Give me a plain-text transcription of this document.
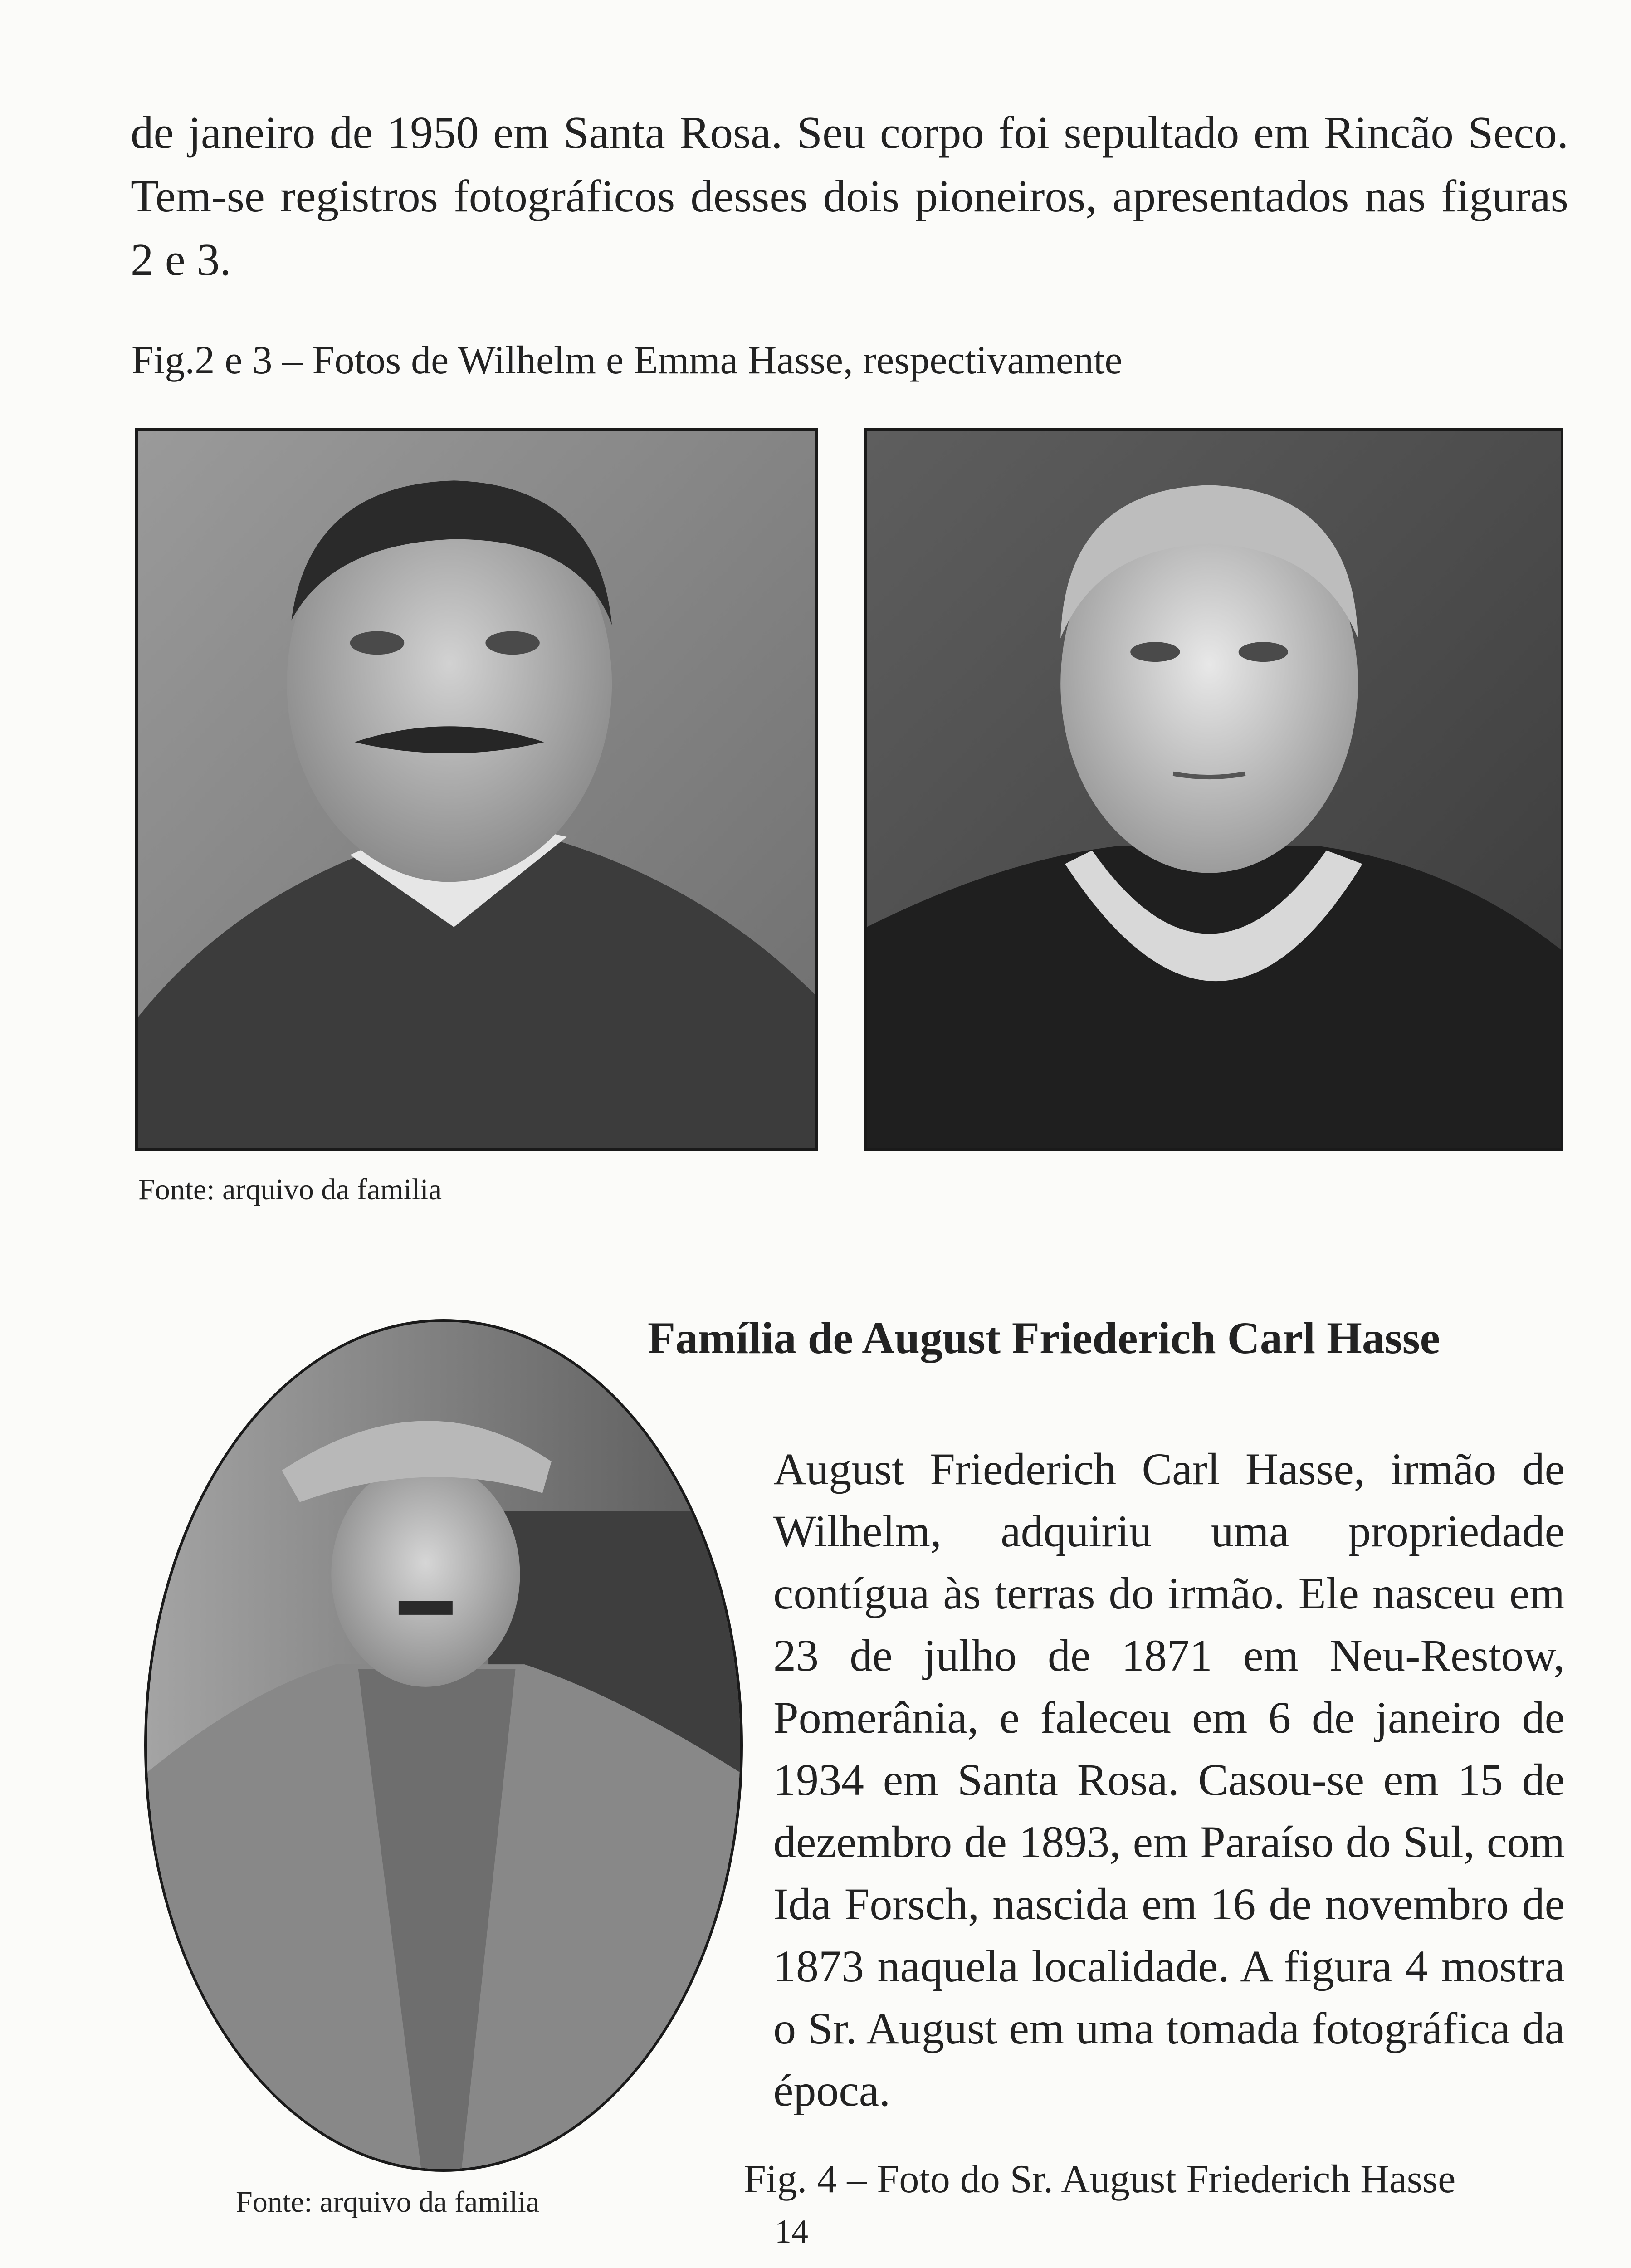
de janeiro de 1950 em Santa Rosa. Seu corpo foi sepultado em Rincão Seco. Tem-se registros fotográficos desses dois pioneiros, apresentados nas figuras 2 e 3.

Fig.2 e 3 – Fotos de Wilhelm e Emma Hasse, respectivamente
Fonte: arquivo da familia
Família de August Friederich Carl Hasse

August Friederich Carl Hasse, irmão de Wilhelm, adquiriu uma propriedade contígua às terras do irmão. Ele nasceu em 23 de julho de 1871 em Neu-Restow, Pomerânia, e faleceu em 6 de janeiro de 1934 em Santa Rosa. Casou-se em 15 de dezembro de 1893, em Paraíso do Sul, com Ida Forsch, nascida em 16 de novembro de 1873 naquela localidade. A figura 4 mostra o Sr. August em uma tomada fotográfica da época.

Fonte: arquivo da familia
Fig. 4 – Foto do Sr. August Friederich Hasse
14
